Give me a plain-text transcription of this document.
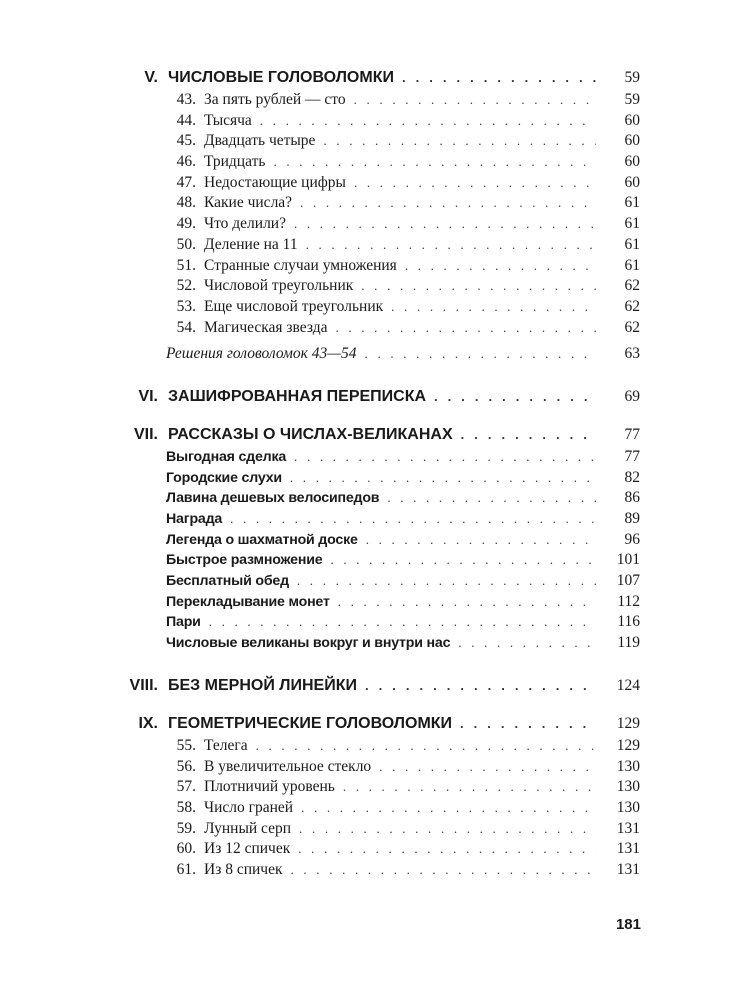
V. ЧИСЛОВЫЕ ГОЛОВОЛОМКИ . . .	59
43. За пять рублей — сто . . .	59
44. Тысяча . . .	60
45. Двадцать четыре . . .	60
46. Тридцать . . .	60
47. Недостающие цифры . . .	60
48. Какие числа? . . .	61
49. Что делили? . . .	61
50. Деление на 11 . . .	61
51. Странные случаи умножения . . .	61
52. Числовой треугольник . . .	62
53. Еще числовой треугольник . . .	62
54. Магическая звезда . . .	62
Решения головоломок 43—54 . . .	63
VI. ЗАШИФРОВАННАЯ ПЕРЕПИСКА . . .	69
VII. РАССКАЗЫ О ЧИСЛАХ-ВЕЛИКАНАХ . . .	77
Выгодная сделка . . .	77
Городские слухи . . .	82
Лавина дешевых велосипедов . . .	86
Награда . . .	89
Легенда о шахматной доске . . .	96
Быстрое размножение . . .	101
Бесплатный обед . . .	107
Перекладывание монет . . .	112
Пари . . .	116
Числовые великаны вокруг и внутри нас . . .	119
VIII. БЕЗ МЕРНОЙ ЛИНЕЙКИ . . .	124
IX. ГЕОМЕТРИЧЕСКИЕ ГОЛОВОЛОМКИ . . .	129
55. Телега . . .	129
56. В увеличительное стекло . . .	130
57. Плотничий уровень . . .	130
58. Число граней . . .	130
59. Лунный серп . . .	131
60. Из 12 спичек . . .	131
61. Из 8 спичек . . .	131
181
